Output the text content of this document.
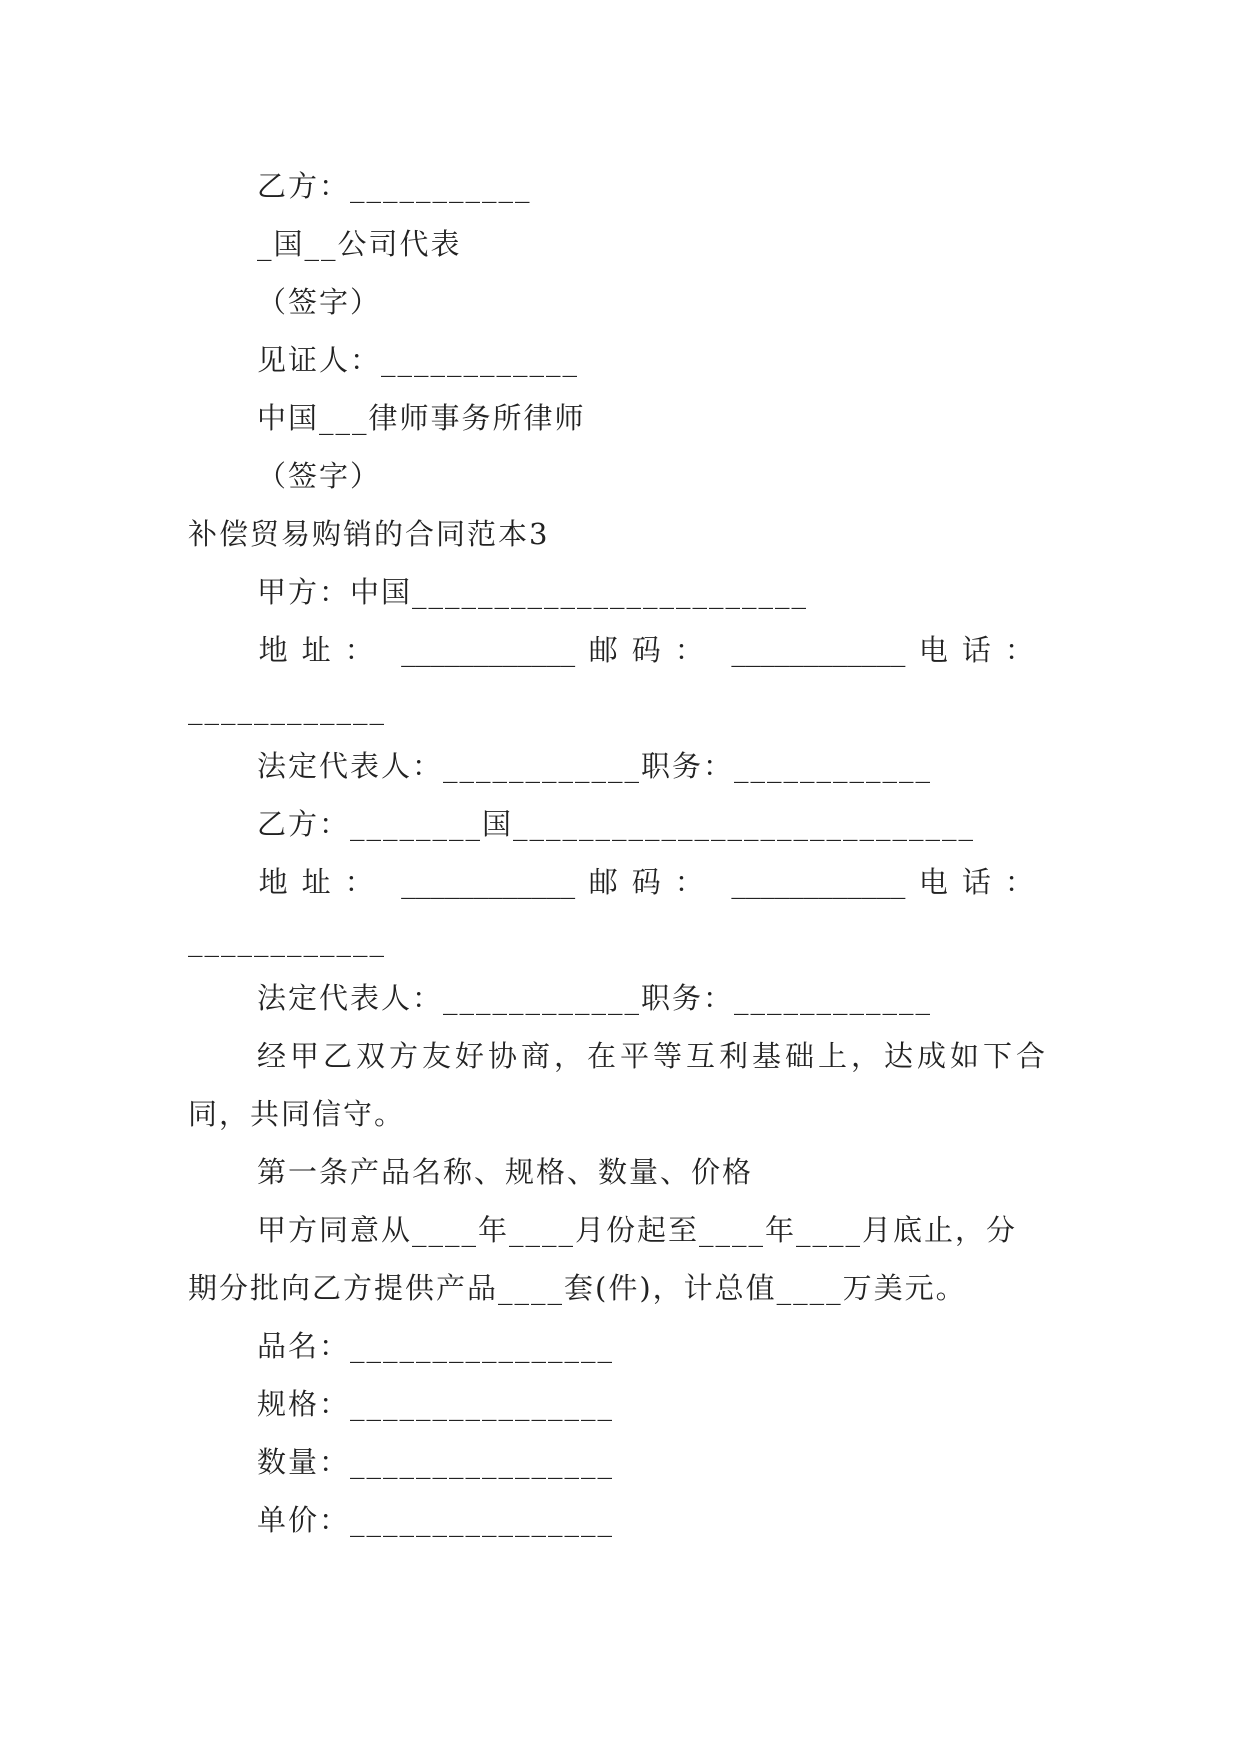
乙方：___________
_国__公司代表
（签字）
见证人：____________
中国___律师事务所律师
（签字）
补偿贸易购销的合同范本3
甲方：中国________________________
地址： ____________ 邮码： ____________ 电话：
____________
法定代表人：____________职务：____________
乙方：________国____________________________
地址： ____________ 邮码： ____________ 电话：
____________
法定代表人：____________职务：____________
经甲乙双方友好协商，在平等互利基础上，达成如下合
同，共同信守。
第一条产品名称、规格、数量、价格
甲方同意从____年____月份起至____年____月底止，分
期分批向乙方提供产品____套(件)，计总值____万美元。
品名：________________
规格：________________
数量：________________
单价：________________
